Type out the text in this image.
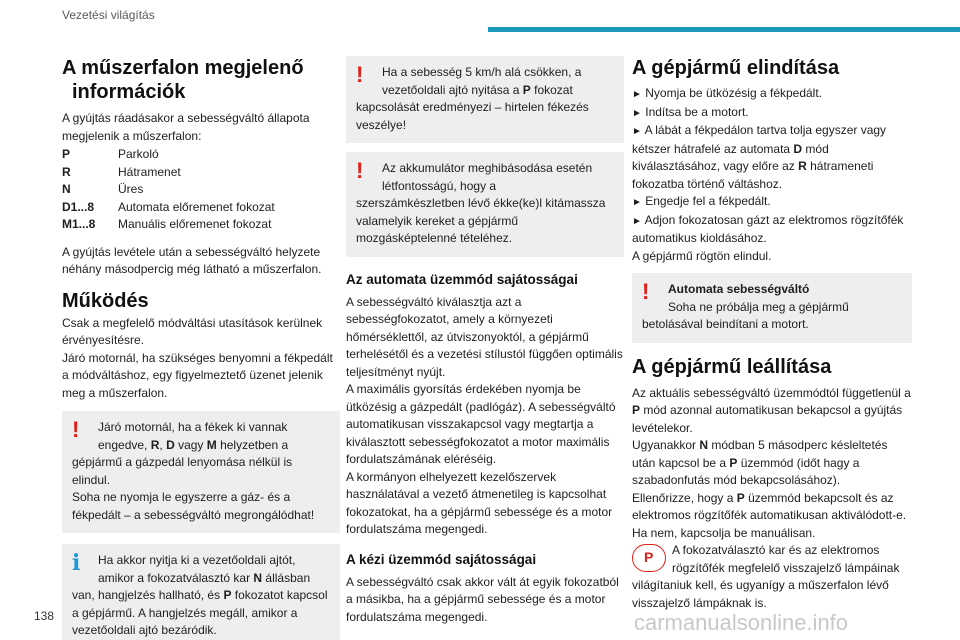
Vezetési világítás
A műszerfalon megjelenő információk

A gyújtás ráadásakor a sebességváltó állapota megjelenik a műszerfalon:

P	Parkoló
R	Hátramenet
N	Üres
D1...8	Automata előremenet fokozat
M1...8	Manuális előremenet fokozat

A gyújtás levétele után a sebességváltó helyzete néhány másodpercig még látható a műszerfalon.

Működés

Csak a megfelelő módváltási utasítások kerülnek érvényesítésre.

Járó motornál, ha szükséges benyomni a fékpedált a módváltáshoz, egy figyelmeztető üzenet jelenik meg a műszerfalon.

!	Járó motornál, ha a fékek ki vannak

engedve, R, D vagy M helyzetben a

gépjármű a gázpedál lenyomása nélkül is elindul.

Soha ne nyomja le egyszerre a gáz- és a fékpedált – a sebességváltó megrongálódhat!

i	Ha akkor nyitja ki a vezetőoldali ajtót,

amikor a fokozatválasztó kar N állásban

van, hangjelzés hallható, és P fokozatot kapcsol a gépjármű. A hangjelzés megáll, amikor a vezetőoldali ajtó bezáródik.

!	Ha a sebesség 5 km/h alá csökken, a

vezetőoldali ajtó nyitása a P fokozat

kapcsolását eredményezi – hirtelen fékezés veszélye!

!	Az akkumulátor meghibásodása esetén

létfontosságú, hogy a

szerszámkészletben lévő ékke(ke)l kitámassza valamelyik kereket a gépjármű mozgásképtelenné tételéhez.

Az automata üzemmód sajátosságai

A sebességváltó kiválasztja azt a sebességfokozatot, amely a környezeti hőmérséklettől, az útviszonyoktól, a gépjármű terhelésétől és a vezetési stílustól függően optimális teljesítményt nyújt.

A maximális gyorsítás érdekében nyomja be ütközésig a gázpedált (padlógáz). A sebességváltó automatikusan visszakapcsol vagy megtartja a kiválasztott sebességfokozatot a motor maximális fordulatszámának eléréséig.

A kormányon elhelyezett kezelőszervek használatával a vezető átmenetileg is kapcsolhat fokozatokat, ha a gépjármű sebessége és a motor fordulatszáma megengedi.

A kézi üzemmód sajátosságai

A sebességváltó csak akkor vált át egyik fokozatból a másikba, ha a gépjármű sebessége és a motor fordulatszáma megengedi.

A gépjármű elindítása

► Nyomja be ütközésig a fékpedált.

► Indítsa be a motort.

► A lábát a fékpedálon tartva tolja egyszer vagy kétszer hátrafelé az automata D mód kiválasztásához, vagy előre az R hátrameneti fokozatba történő váltáshoz.

► Engedje fel a fékpedált.

► Adjon fokozatosan gázt az elektromos rögzítőfék automatikus kioldásához.

A gépjármű rögtön elindul.

!	Automata sebességváltó

Soha ne próbálja meg a gépjármű

betolásával beindítani a motort.

A gépjármű leállítása

Az aktuális sebességváltó üzemmódtól függetlenül a P mód azonnal automatikusan bekapcsol a gyújtás levételekor.

Ugyanakkor N módban 5 másodperc késleltetés után kapcsol be a P üzemmód (időt hagy a szabadonfutás mód bekapcsolásához).

Ellenőrizze, hogy a P üzemmód bekapcsolt és az elektromos rögzítőfék automatikusan aktiválódott-e. Ha nem, kapcsolja be manuálisan.

P

A fokozatválasztó kar és az elektromos rögzítőfék megfelelő visszajelző lámpáinak világítaniuk kell, és ugyanígy a műszerfalon lévő visszajelző lámpáknak is.

138	carmanualsonline.info
